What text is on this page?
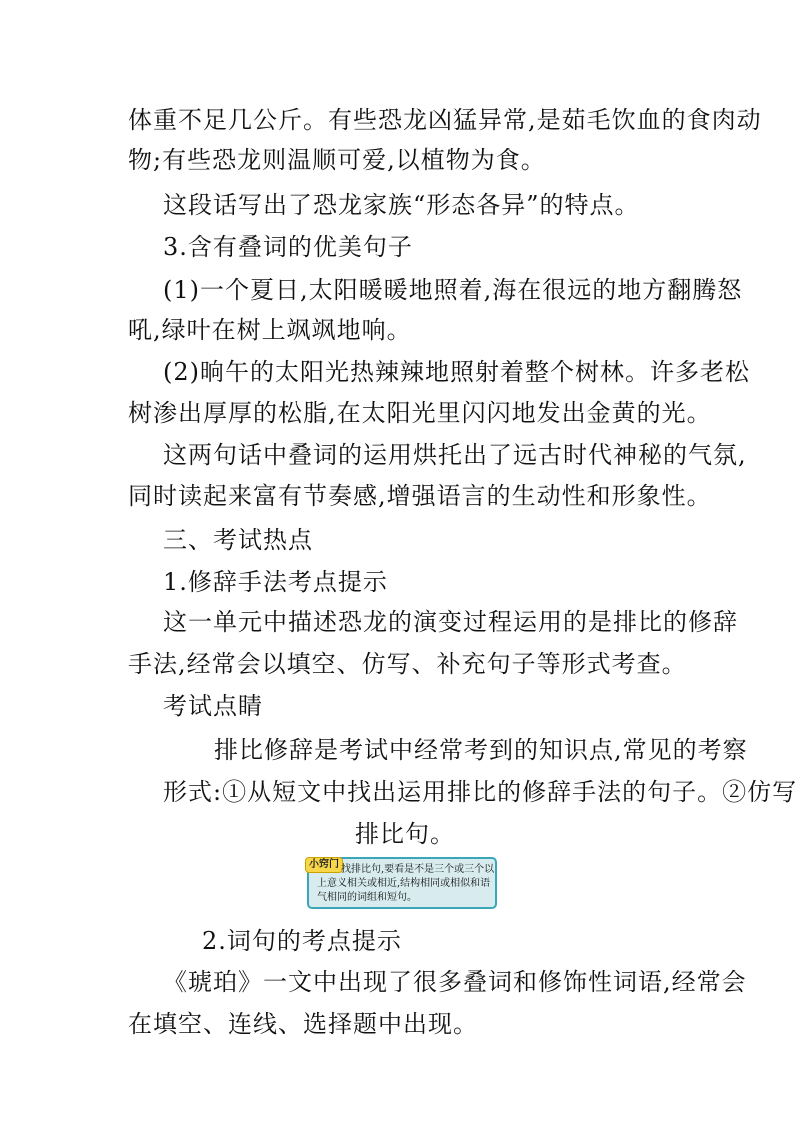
体重不足几公斤。有些恐龙凶猛异常,是茹毛饮血的食肉动
物;有些恐龙则温顺可爱,以植物为食。
这段话写出了恐龙家族“形态各异”的特点。
3.含有叠词的优美句子
(1)一个夏日,太阳暖暖地照着,海在很远的地方翻腾怒
吼,绿叶在树上飒飒地响。
(2)晌午的太阳光热辣辣地照射着整个树林。许多老松
树渗出厚厚的松脂,在太阳光里闪闪地发出金黄的光。
这两句话中叠词的运用烘托出了远古时代神秘的气氛,
同时读起来富有节奏感,增强语言的生动性和形象性。
三、考试热点
1.修辞手法考点提示
这一单元中描述恐龙的演变过程运用的是排比的修辞
手法,经常会以填空、仿写、补充句子等形式考查。
考试点睛
排比修辞是考试中经常考到的知识点,常见的考察
形式:①从短文中找出运用排比的修辞手法的句子。②仿写
排比句。
小窍门 找排比句,要看是不是三个或三个以上意义相关或相近,结构相同或相似和语气相同的词组和短句。
2.词句的考点提示
《琥珀》一文中出现了很多叠词和修饰性词语,经常会
在填空、连线、选择题中出现。
